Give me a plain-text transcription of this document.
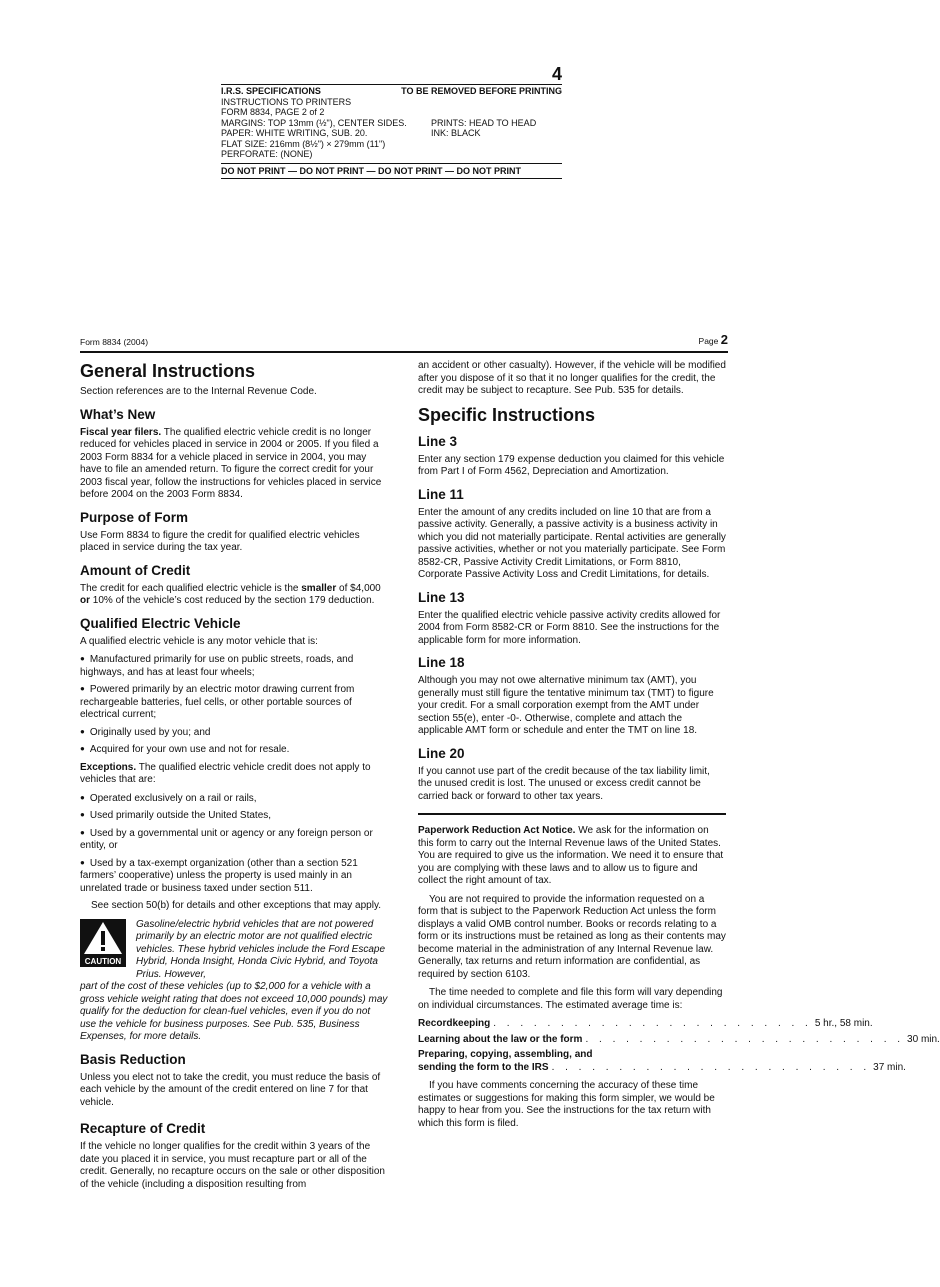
4
I.R.S. SPECIFICATIONS	TO BE REMOVED BEFORE PRINTING
INSTRUCTIONS TO PRINTERS
FORM 8834, PAGE 2 of 2
MARGINS: TOP 13mm (½"), CENTER SIDES.	PRINTS: HEAD TO HEAD
PAPER: WHITE WRITING, SUB. 20.	INK: BLACK
FLAT SIZE: 216mm (8½") × 279mm (11")
PERFORATE: (NONE)
DO NOT PRINT — DO NOT PRINT — DO NOT PRINT — DO NOT PRINT
Form 8834 (2004)	Page 2
General Instructions

Section references are to the Internal Revenue Code.

What’s New

Fiscal year filers. The qualified electric vehicle credit is no longer reduced for vehicles placed in service in 2004 or 2005. If you filed a 2003 Form 8834 for a vehicle placed in service in 2004, you may have to file an amended return. To figure the correct credit for your 2003 fiscal year, follow the instructions for vehicles placed in service before 2004 on the 2003 Form 8834.

Purpose of Form

Use Form 8834 to figure the credit for qualified electric vehicles placed in service during the tax year.

Amount of Credit

The credit for each qualified electric vehicle is the smaller of $4,000 or 10% of the vehicle’s cost reduced by the section 179 deduction.

Qualified Electric Vehicle

A qualified electric vehicle is any motor vehicle that is:

● Manufactured primarily for use on public streets, roads, and highways, and has at least four wheels;
● Powered primarily by an electric motor drawing current from rechargeable batteries, fuel cells, or other portable sources of electrical current;
● Originally used by you; and
● Acquired for your own use and not for resale.

Exceptions. The qualified electric vehicle credit does not apply to vehicles that are:

● Operated exclusively on a rail or rails,
● Used primarily outside the United States,
● Used by a governmental unit or agency or any foreign person or entity, or
● Used by a tax-exempt organization (other than a section 521 farmers’ cooperative) unless the property is used mainly in an unrelated trade or business taxed under section 511.

See section 50(b) for details and other exceptions that may apply.

CAUTION
Gasoline/electric hybrid vehicles that are not powered primarily by an electric motor are not qualified electric vehicles. These hybrid vehicles include the Ford Escape Hybrid, Honda Insight, Honda Civic Hybrid, and Toyota Prius. However,
part of the cost of these vehicles (up to $2,000 for a vehicle with a gross vehicle weight rating that does not exceed 10,000 pounds) may qualify for the deduction for clean-fuel vehicles, even if you do not use the vehicle for business purposes. See Pub. 535, Business Expenses, for more details.
Basis Reduction

Unless you elect not to take the credit, you must reduce the basis of each vehicle by the amount of the credit entered on line 7 for that vehicle.

Recapture of Credit

If the vehicle no longer qualifies for the credit within 3 years of the date you placed it in service, you must recapture part or all of the credit. Generally, no recapture occurs on the sale or other disposition of the vehicle (including a disposition resulting from

an accident or other casualty). However, if the vehicle will be modified after you dispose of it so that it no longer qualifies for the credit, the credit may be subject to recapture. See Pub. 535 for details.

Specific Instructions
Line 3

Enter any section 179 expense deduction you claimed for this vehicle from Part I of Form 4562, Depreciation and Amortization.

Line 11

Enter the amount of any credits included on line 10 that are from a passive activity. Generally, a passive activity is a business activity in which you did not materially participate. Rental activities are generally passive activities, whether or not you materially participate. See Form 8582-CR, Passive Activity Credit Limitations, or Form 8810, Corporate Passive Activity Loss and Credit Limitations, for details.

Line 13

Enter the qualified electric vehicle passive activity credits allowed for 2004 from Form 8582-CR or Form 8810. See the instructions for the applicable form for more information.

Line 18

Although you may not owe alternative minimum tax (AMT), you generally must still figure the tentative minimum tax (TMT) to figure your credit. For a small corporation exempt from the AMT under section 55(e), enter -0-. Otherwise, complete and attach the applicable AMT form or schedule and enter the TMT on line 18.

Line 20

If you cannot use part of the credit because of the tax liability limit, the unused credit is lost. The unused or excess credit cannot be carried back or forward to other tax years.

Paperwork Reduction Act Notice. We ask for the information on this form to carry out the Internal Revenue laws of the United States. You are required to give us the information. We need it to ensure that you are complying with these laws and to allow us to figure and collect the right amount of tax.

You are not required to provide the information requested on a form that is subject to the Paperwork Reduction Act unless the form displays a valid OMB control number. Books or records relating to a form or its instructions must be retained as long as their contents may become material in the administration of any Internal Revenue law. Generally, tax returns and return information are confidential, as required by section 6103.

The time needed to complete and file this form will vary depending on individual circumstances. The estimated average time is:

Recordkeeping . . . . . . . . . . . . . . . . . . . . . . . . 5 hr., 58 min.
Learning about the law or the form . . . . . . . . . . . . . . . . . . . . . . . . 30 min.
Preparing, copying, assembling, and
sending the form to the IRS . . . . . . . . . . . . . . . . . . . . . . . . 37 min.

If you have comments concerning the accuracy of these time estimates or suggestions for making this form simpler, we would be happy to hear from you. See the instructions for the tax return with which this form is filed.
